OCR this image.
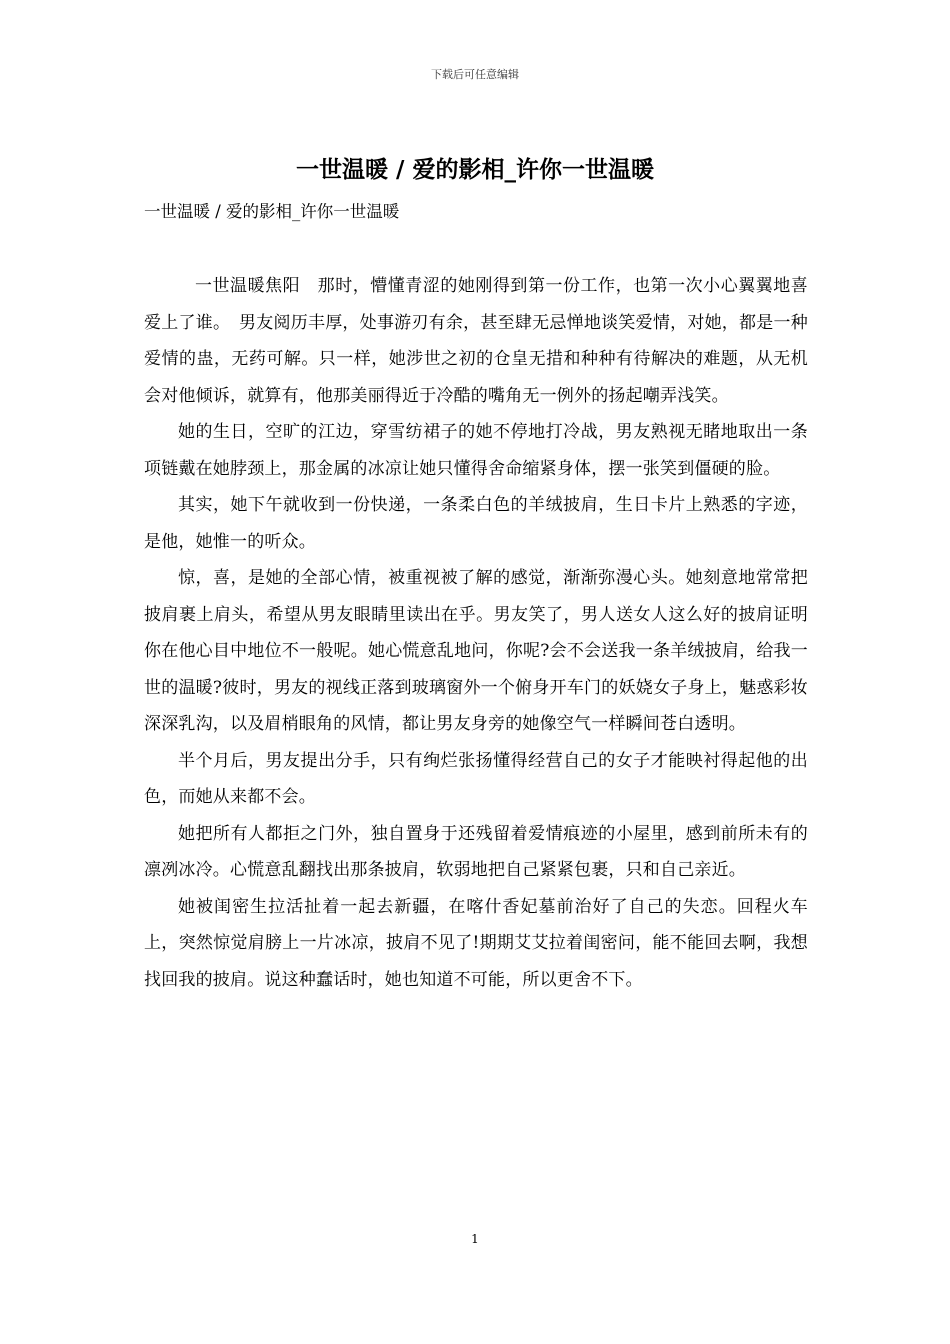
下载后可任意编辑
一世温暖 / 爱的影相_许你一世温暖

一世温暖 / 爱的影相_许你一世温暖

一世温暖焦阳　那时，懵懂青涩的她刚得到第一份工作，也第一次小心翼翼地喜爱上了谁。　男友阅历丰厚，处事游刃有余，甚至肆无忌惮地谈笑爱情，对她，都是一种爱情的蛊，无药可解。只一样，她涉世之初的仓皇无措和种种有待解决的难题，从无机会对他倾诉，就算有，他那美丽得近于冷酷的嘴角无一例外的扬起嘲弄浅笑。

她的生日，空旷的江边，穿雪纺裙子的她不停地打冷战，男友熟视无睹地取出一条项链戴在她脖颈上，那金属的冰凉让她只懂得舍命缩紧身体，摆一张笑到僵硬的脸。

其实，她下午就收到一份快递，一条柔白色的羊绒披肩，生日卡片上熟悉的字迹，是他，她惟一的听众。

惊，喜，是她的全部心情，被重视被了解的感觉，渐渐弥漫心头。她刻意地常常把披肩裹上肩头，希望从男友眼睛里读出在乎。男友笑了，男人送女人这么好的披肩证明你在他心目中地位不一般呢。她心慌意乱地问，你呢?会不会送我一条羊绒披肩，给我一世的温暖?彼时，男友的视线正落到玻璃窗外一个俯身开车门的妖娆女子身上，魅惑彩妆深深乳沟，以及眉梢眼角的风情，都让男友身旁的她像空气一样瞬间苍白透明。

半个月后，男友提出分手，只有绚烂张扬懂得经营自己的女子才能映衬得起他的出色，而她从来都不会。

她把所有人都拒之门外，独自置身于还残留着爱情痕迹的小屋里，感到前所未有的凛冽冰冷。心慌意乱翻找出那条披肩，软弱地把自己紧紧包裹，只和自己亲近。

她被闺密生拉活扯着一起去新疆，在喀什香妃墓前治好了自己的失恋。回程火车上，突然惊觉肩膀上一片冰凉，披肩不见了!期期艾艾拉着闺密问，能不能回去啊，我想找回我的披肩。说这种蠢话时，她也知道不可能，所以更舍不下。

1
